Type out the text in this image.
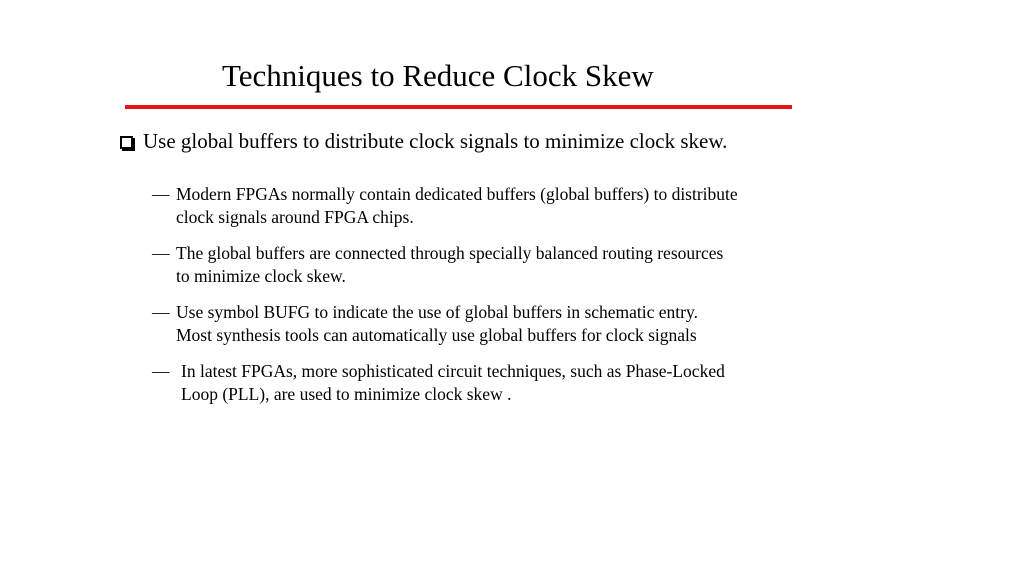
Techniques to Reduce Clock Skew
Use global buffers to distribute clock signals to minimize clock skew.
— Modern FPGAs normally contain dedicated buffers (global buffers) to distribute
clock signals around FPGA chips.
— The global buffers are connected through specially balanced routing resources
to minimize clock skew.
— Use symbol BUFG to indicate the use of global buffers in schematic entry.
Most synthesis tools can automatically use global buffers for clock signals
— In latest FPGAs, more sophisticated circuit techniques, such as Phase-Locked
Loop (PLL), are used to minimize clock skew .
